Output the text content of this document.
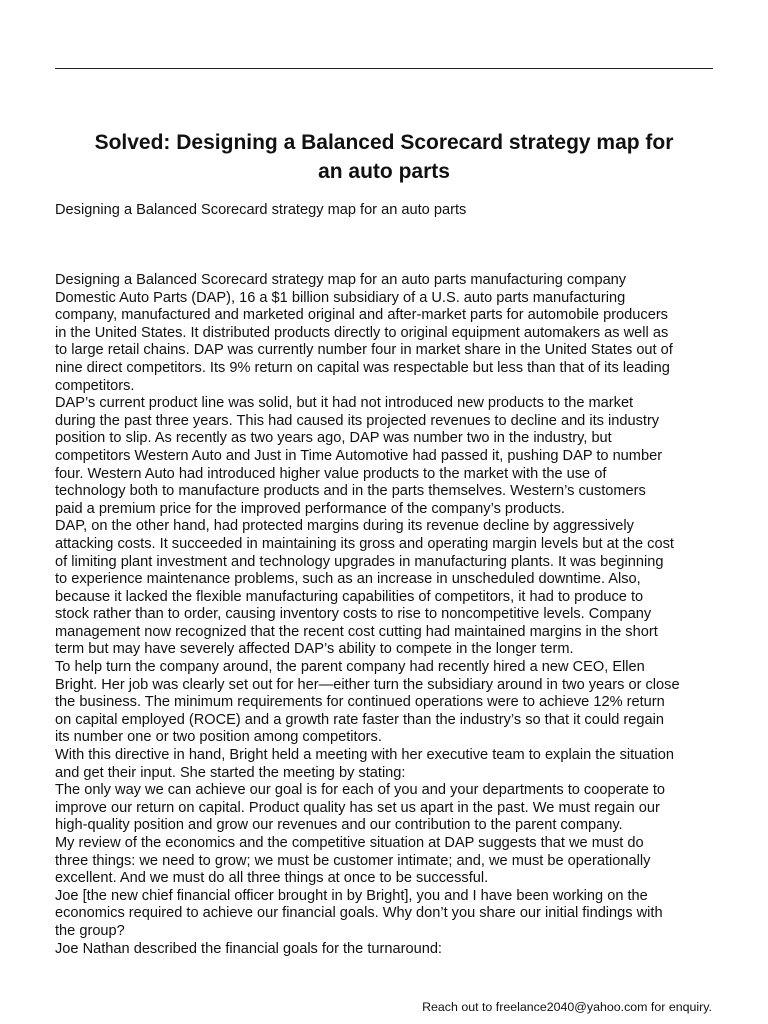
Solved: Designing a Balanced Scorecard strategy map for
an auto parts

Designing a Balanced Scorecard strategy map for an auto parts

Designing a Balanced Scorecard strategy map for an auto parts manufacturing company
Domestic Auto Parts (DAP), 16 a $1 billion subsidiary of a U.S. auto parts manufacturing
company, manufactured and marketed original and after-market parts for automobile producers
in the United States. It distributed products directly to original equipment automakers as well as
to large retail chains. DAP was currently number four in market share in the United States out of
nine direct competitors. Its 9% return on capital was respectable but less than that of its leading
competitors.

DAP’s current product line was solid, but it had not introduced new products to the market
during the past three years. This had caused its projected revenues to decline and its industry
position to slip. As recently as two years ago, DAP was number two in the industry, but
competitors Western Auto and Just in Time Automotive had passed it, pushing DAP to number
four. Western Auto had introduced higher value products to the market with the use of
technology both to manufacture products and in the parts themselves. Western’s customers
paid a premium price for the improved performance of the company’s products.

DAP, on the other hand, had protected margins during its revenue decline by aggressively
attacking costs. It succeeded in maintaining its gross and operating margin levels but at the cost
of limiting plant investment and technology upgrades in manufacturing plants. It was beginning
to experience maintenance problems, such as an increase in unscheduled downtime. Also,
because it lacked the flexible manufacturing capabilities of competitors, it had to produce to
stock rather than to order, causing inventory costs to rise to noncompetitive levels. Company
management now recognized that the recent cost cutting had maintained margins in the short
term but may have severely affected DAP’s ability to compete in the longer term.

To help turn the company around, the parent company had recently hired a new CEO, Ellen
Bright. Her job was clearly set out for her—either turn the subsidiary around in two years or close
the business. The minimum requirements for continued operations were to achieve 12% return
on capital employed (ROCE) and a growth rate faster than the industry’s so that it could regain
its number one or two position among competitors.

With this directive in hand, Bright held a meeting with her executive team to explain the situation
and get their input. She started the meeting by stating:

The only way we can achieve our goal is for each of you and your departments to cooperate to
improve our return on capital. Product quality has set us apart in the past. We must regain our
high-quality position and grow our revenues and our contribution to the parent company.

My review of the economics and the competitive situation at DAP suggests that we must do
three things: we need to grow; we must be customer intimate; and, we must be operationally
excellent. And we must do all three things at once to be successful.

Joe [the new chief financial officer brought in by Bright], you and I have been working on the
economics required to achieve our financial goals. Why don’t you share our initial findings with
the group?

Joe Nathan described the financial goals for the turnaround:

Reach out to freelance2040@yahoo.com for enquiry.
